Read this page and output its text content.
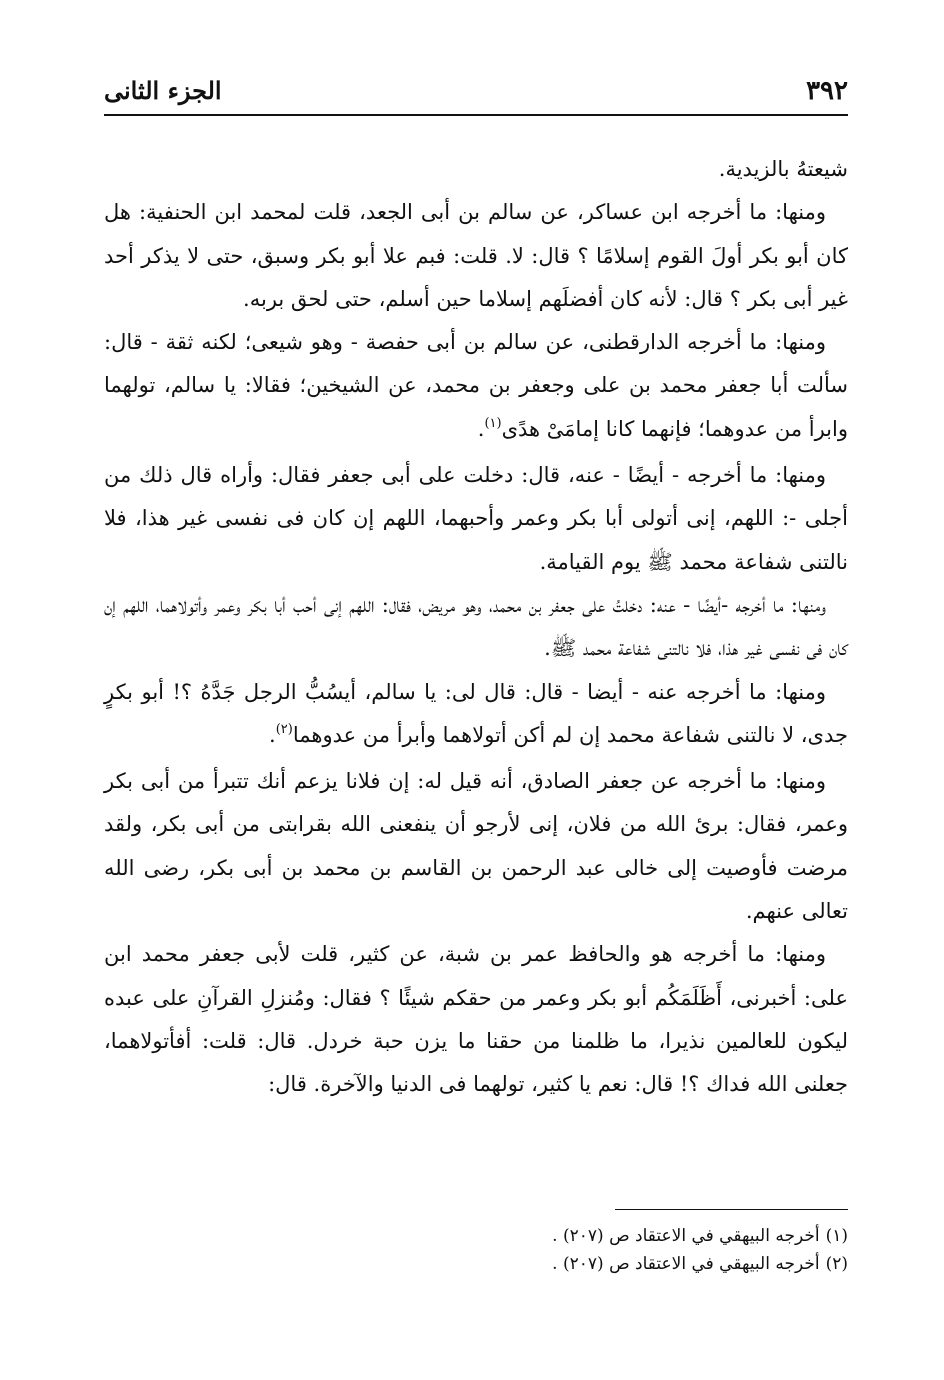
٣٩٢
الجزء الثانى

شيعتهُ بالزيدية.

ومنها: ما أخرجه ابن عساكر، عن سالم بن أبى الجعد، قلت لمحمد ابن الحنفية: هل كان أبو بكر أولَ القوم إسلامًا ؟ قال: لا. قلت: فبم علا أبو بكر وسبق، حتى لا يذكر أحد غير أبى بكر ؟ قال: لأنه كان أفضلَهم إسلاما حين أسلم، حتى لحق بربه.

ومنها: ما أخرجه الدارقطنى، عن سالم بن أبى حفصة - وهو شيعى؛ لكنه ثقة - قال: سألت أبا جعفر محمد بن على وجعفر بن محمد، عن الشيخين؛ فقالا: يا سالم، تولهما وابرأ من عدوهما؛ فإنهما كانا إمامَىْ هدًى$^{(١)}$.

ومنها: ما أخرجه - أيضًا - عنه، قال: دخلت على أبى جعفر فقال: وأراه قال ذلك من أجلى -: اللهم، إنى أتولى أبا بكر وعمر وأحبهما، اللهم إن كان فى نفسى غير هذا، فلا نالتنى شفاعة محمد ﷺ يوم القيامة.

ومنها: ما أخرجه -أيضًا - عنه: دخلتُ على جعفر بن محمد، وهو مريض، فقال: اللهم إنى أحب أبا بكر وعمر وأتولاهما، اللهم إن كان فى نفسى غير هذا، فلا نالتنى شفاعة محمد ﷺ.

ومنها: ما أخرجه عنه - أيضا - قال: قال لى: يا سالم، أيسُبُّ الرجل جَدَّهُ ؟! أبو بكرٍ جدى، لا نالتنى شفاعة محمد إن لم أكن أتولاهما وأبرأ من عدوهما$^{(٢)}$.

ومنها: ما أخرجه عن جعفر الصادق، أنه قيل له: إن فلانا يزعم أنك تتبرأ من أبى بكر وعمر، فقال: برئ الله من فلان، إنى لأرجو أن ينفعنى الله بقرابتى من أبى بكر، ولقد مرضت فأوصيت إلى خالى عبد الرحمن بن القاسم بن محمد بن أبى بكر، رضى الله تعالى عنهم.

ومنها: ما أخرجه هو والحافظ عمر بن شبة، عن كثير، قلت لأبى جعفر محمد ابن على: أخبرنى، أَظَلَمَكُم أبو بكر وعمر من حقكم شيئًا ؟ فقال: ومُنزلِ القرآنِ على عبده ليكون للعالمين نذيرا، ما ظلمنا من حقنا ما يزن حبة خردل. قال: قلت: أفأتولاهما، جعلنى الله فداك ؟! قال: نعم يا كثير، تولهما فى الدنيا والآخرة. قال:

(١)أخرجه البيهقي في الاعتقاد ص (٢٠٧) .

(٢)أخرجه البيهقي في الاعتقاد ص (٢٠٧) .
